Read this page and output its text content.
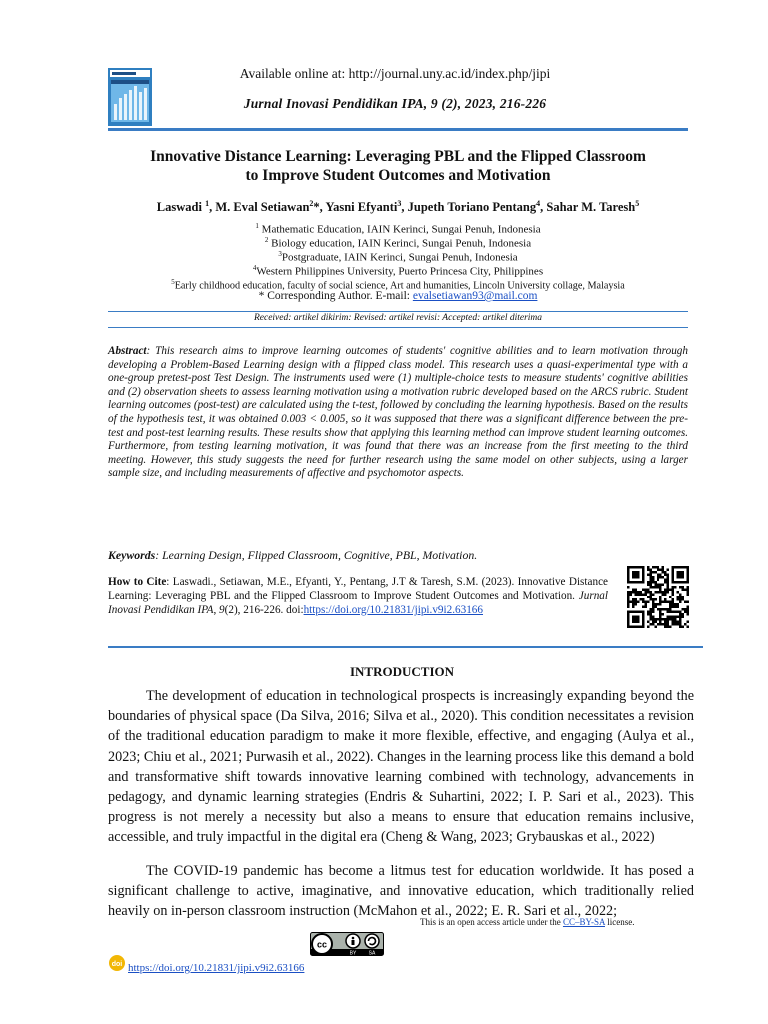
Available online at: http://journal.uny.ac.id/index.php/jipi
Jurnal Inovasi Pendidikan IPA, 9 (2), 2023, 216-226
Innovative Distance Learning: Leveraging PBL and the Flipped Classroom
to Improve Student Outcomes and Motivation
Laswadi $^1$, M. Eval Setiawan$^2$*, Yasni Efyanti$^3$, Jupeth Toriano Pentang$^4$, Sahar M. Taresh$^5$
$^1$ Mathematic Education, IAIN Kerinci, Sungai Penuh, Indonesia
$^2$ Biology education, IAIN Kerinci, Sungai Penuh, Indonesia
$^3$Postgraduate, IAIN Kerinci, Sungai Penuh, Indonesia
$^4$Western Philippines University, Puerto Princesa City, Philippines
$^5$Early childhood education, faculty of social science, Art and humanities, Lincoln University collage, Malaysia
* Corresponding Author. E-mail: evalsetiawan93@mail.com
Received: artikel dikirim: Revised: artikel revisi: Accepted: artikel diterima
Abstract: This research aims to improve learning outcomes of students' cognitive abilities and to learn motivation through developing a Problem-Based Learning design with a flipped class model. This research uses a quasi-experimental type with a one-group pretest-post Test Design. The instruments used were (1) multiple-choice tests to measure students' cognitive abilities and (2) observation sheets to assess learning motivation using a motivation rubric developed based on the ARCS rubric. Student learning outcomes (post-test) are calculated using the t-test, followed by concluding the learning hypothesis. Based on the results of the hypothesis test, it was obtained 0.003 < 0.005, so it was supposed that there was a significant difference between the pre-test and post-test learning results. These results show that applying this learning method can improve student learning outcomes. Furthermore, from testing learning motivation, it was found that there was an increase from the first meeting to the third meeting. However, this study suggests the need for further research using the same model on other subjects, using a larger sample size, and including measurements of affective and psychomotor aspects.
Keywords: Learning Design, Flipped Classroom, Cognitive, PBL, Motivation.
How to Cite: Laswadi., Setiawan, M.E., Efyanti, Y., Pentang, J.T & Taresh, S.M. (2023). Innovative Distance Learning: Leveraging PBL and the Flipped Classroom to Improve Student Outcomes and Motivation. Jurnal Inovasi Pendidikan IPA, 9(2), 216-226. doi:https://doi.org/10.21831/jipi.v9i2.63166
INTRODUCTION
The development of education in technological prospects is increasingly expanding beyond the boundaries of physical space (Da Silva, 2016; Silva et al., 2020). This condition necessitates a revision of the traditional education paradigm to make it more flexible, effective, and engaging (Aulya et al., 2023; Chiu et al., 2021; Purwasih et al., 2022). Changes in the learning process like this demand a bold and transformative shift towards innovative learning combined with technology, advancements in pedagogy, and dynamic learning strategies (Endris & Suhartini, 2022; I. P. Sari et al., 2023). This progress is not merely a necessity but also a means to ensure that education remains inclusive, accessible, and truly impactful in the digital era (Cheng & Wang, 2023; Grybauskas et al., 2022)
The COVID-19 pandemic has become a litmus test for education worldwide. It has posed a significant challenge to active, imaginative, and innovative education, which traditionally relied heavily on in-person classroom instruction (McMahon et al., 2022; E. R. Sari et al., 2022;
This is an open access article under the CC–BY-SA license.
cc
BY SA
doi https://doi.org/10.21831/jipi.v9i2.63166
